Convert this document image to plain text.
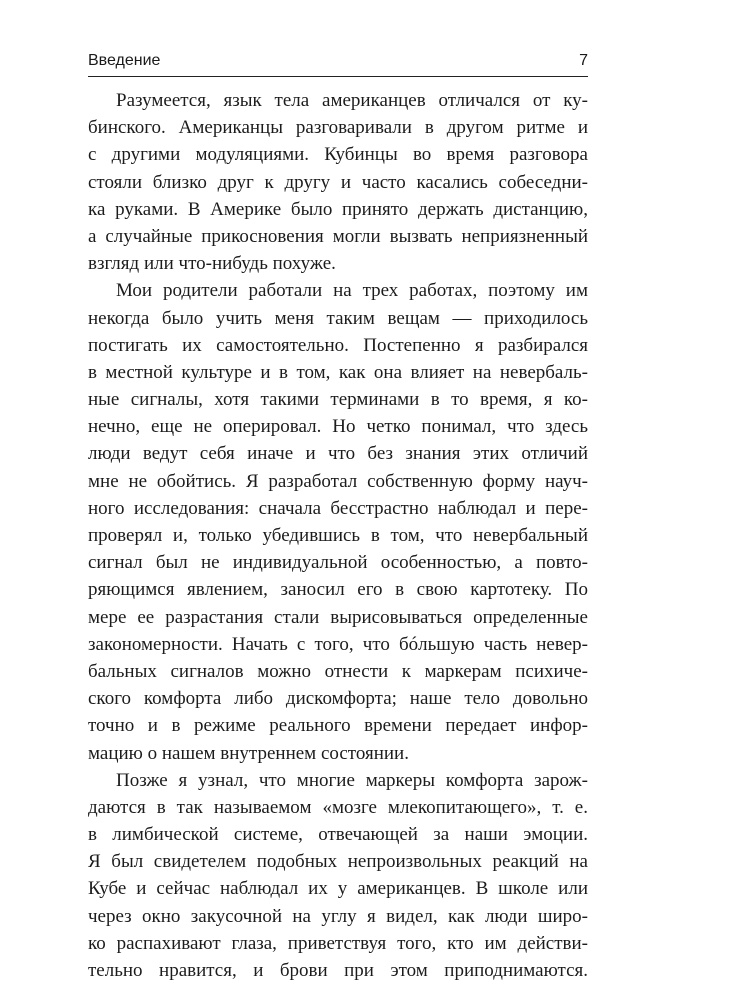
Введение	7
Разумеется, язык тела американцев отличался от ку-
бинского. Американцы разговаривали в другом ритме и
с другими модуляциями. Кубинцы во время разговора
стояли близко друг к другу и часто касались собеседни-
ка руками. В Америке было принято держать дистанцию,
а случайные прикосновения могли вызвать неприязненный
взгляд или что-нибудь похуже.
Мои родители работали на трех работах, поэтому им
некогда было учить меня таким вещам — приходилось
постигать их самостоятельно. Постепенно я разбирался
в местной культуре и в том, как она влияет на невербаль-
ные сигналы, хотя такими терминами в то время, я ко-
нечно, еще не оперировал. Но четко понимал, что здесь
люди ведут себя иначе и что без знания этих отличий
мне не обойтись. Я разработал собственную форму науч-
ного исследования: сначала бесстрастно наблюдал и пере-
проверял и, только убедившись в том, что невербальный
сигнал был не индивидуальной особенностью, а повто-
ряющимся явлением, заносил его в свою картотеку. По
мере ее разрастания стали вырисовываться определенные
закономерности. Начать с того, что бóльшую часть невер-
бальных сигналов можно отнести к маркерам психиче-
ского комфорта либо дискомфорта; наше тело довольно
точно и в режиме реального времени передает инфор-
мацию о нашем внутреннем состоянии.
Позже я узнал, что многие маркеры комфорта зарож-
даются в так называемом «мозге млекопитающего», т. е.
в лимбической системе, отвечающей за наши эмоции.
Я был свидетелем подобных непроизвольных реакций на
Кубе и сейчас наблюдал их у американцев. В школе или
через окно закусочной на углу я видел, как люди широ-
ко распахивают глаза, приветствуя того, кто им действи-
тельно нравится, и брови при этом приподнимаются.
